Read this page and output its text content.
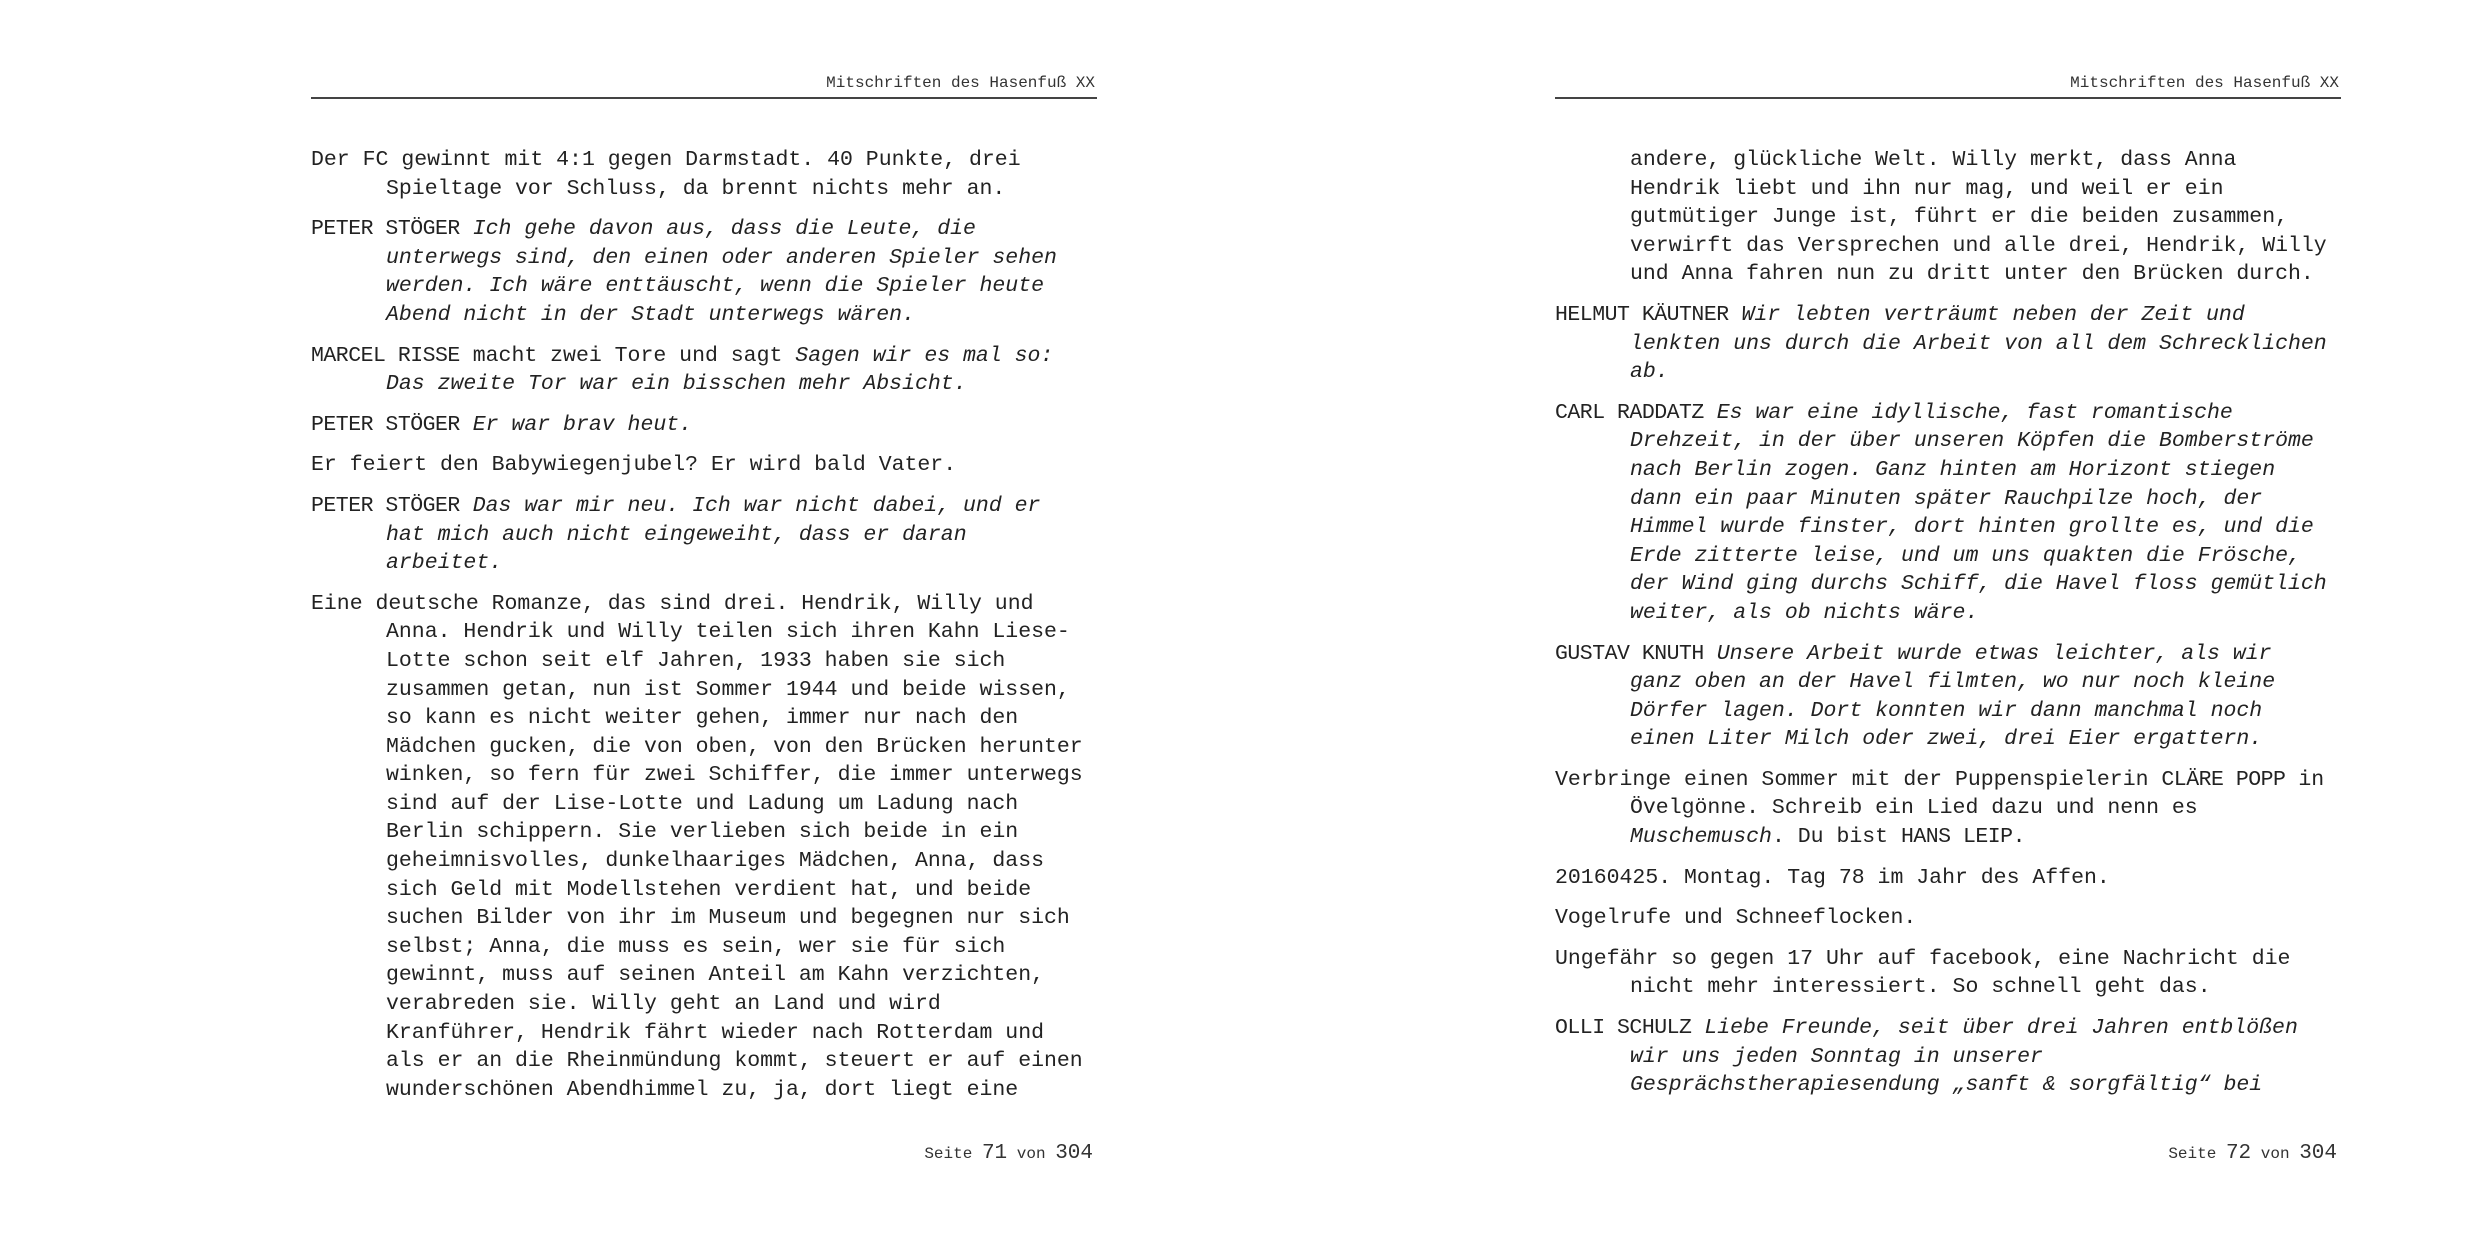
Mitschriften des Hasenfuß XX

Der FC gewinnt mit 4:1 gegen Darmstadt. 40 Punkte, drei
Spieltage vor Schluss, da brennt nichts mehr an.

PETER STÖGER Ich gehe davon aus, dass die Leute, die
unterwegs sind, den einen oder anderen Spieler sehen
werden. Ich wäre enttäuscht, wenn die Spieler heute
Abend nicht in der Stadt unterwegs wären.

MARCEL RISSE macht zwei Tore und sagt Sagen wir es mal so:
Das zweite Tor war ein bisschen mehr Absicht.

PETER STÖGER Er war brav heut.

Er feiert den Babywiegenjubel? Er wird bald Vater.

PETER STÖGER Das war mir neu. Ich war nicht dabei, und er
hat mich auch nicht eingeweiht, dass er daran
arbeitet.

Eine deutsche Romanze, das sind drei. Hendrik, Willy und
Anna. Hendrik und Willy teilen sich ihren Kahn Liese-
Lotte schon seit elf Jahren, 1933 haben sie sich
zusammen getan, nun ist Sommer 1944 und beide wissen,
so kann es nicht weiter gehen, immer nur nach den
Mädchen gucken, die von oben, von den Brücken herunter
winken, so fern für zwei Schiffer, die immer unterwegs
sind auf der Lise-Lotte und Ladung um Ladung nach
Berlin schippern. Sie verlieben sich beide in ein
geheimnisvolles, dunkelhaariges Mädchen, Anna, dass
sich Geld mit Modellstehen verdient hat, und beide
suchen Bilder von ihr im Museum und begegnen nur sich
selbst; Anna, die muss es sein, wer sie für sich
gewinnt, muss auf seinen Anteil am Kahn verzichten,
verabreden sie. Willy geht an Land und wird
Kranführer, Hendrik fährt wieder nach Rotterdam und
als er an die Rheinmündung kommt, steuert er auf einen
wunderschönen Abendhimmel zu, ja, dort liegt eine

Seite 71 von 304
Mitschriften des Hasenfuß XX

andere, glückliche Welt. Willy merkt, dass Anna
Hendrik liebt und ihn nur mag, und weil er ein
gutmütiger Junge ist, führt er die beiden zusammen,
verwirft das Versprechen und alle drei, Hendrik, Willy
und Anna fahren nun zu dritt unter den Brücken durch.

HELMUT KÄUTNER Wir lebten verträumt neben der Zeit und
lenkten uns durch die Arbeit von all dem Schrecklichen
ab.

CARL RADDATZ Es war eine idyllische, fast romantische
Drehzeit, in der über unseren Köpfen die Bomberströme
nach Berlin zogen. Ganz hinten am Horizont stiegen
dann ein paar Minuten später Rauchpilze hoch, der
Himmel wurde finster, dort hinten grollte es, und die
Erde zitterte leise, und um uns quakten die Frösche,
der Wind ging durchs Schiff, die Havel floss gemütlich
weiter, als ob nichts wäre.

GUSTAV KNUTH Unsere Arbeit wurde etwas leichter, als wir
ganz oben an der Havel filmten, wo nur noch kleine
Dörfer lagen. Dort konnten wir dann manchmal noch
einen Liter Milch oder zwei, drei Eier ergattern.

Verbringe einen Sommer mit der Puppenspielerin CLÄRE POPP in
Övelgönne. Schreib ein Lied dazu und nenn es Muschemusch. Du bist HANS LEIP.

20160425. Montag. Tag 78 im Jahr des Affen.

Vogelrufe und Schneeflocken.

Ungefähr so gegen 17 Uhr auf facebook, eine Nachricht die
nicht mehr interessiert. So schnell geht das.

OLLI SCHULZ Liebe Freunde, seit über drei Jahren entblößen
wir uns jeden Sonntag in unserer
Gesprächstherapiesendung „sanft & sorgfältig“ bei

Seite 72 von 304
